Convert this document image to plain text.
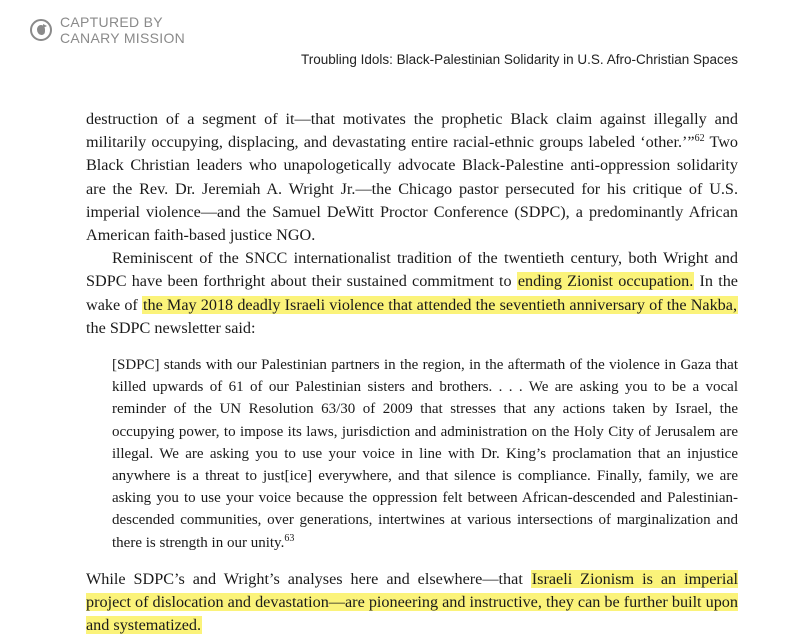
CAPTURED BY
CANARY MISSION
Troubling Idols: Black-Palestinian Solidarity in U.S. Afro-Christian Spaces

destruction of a segment of it—that motivates the prophetic Black claim against illegally and militarily occupying, displacing, and devastating entire racial-ethnic groups labeled ‘other.’”$^{62}$ Two Black Christian leaders who unapologetically advocate Black-Palestine anti-oppression solidarity are the Rev. Dr. Jeremiah A. Wright Jr.—the Chicago pastor persecuted for his critique of U.S. imperial violence—and the Samuel DeWitt Proctor Conference (SDPC), a predominantly African American faith-based justice NGO.

Reminiscent of the SNCC internationalist tradition of the twentieth century, both Wright and SDPC have been forthright about their sustained commitment to ending Zionist occupation. In the wake of the May 2018 deadly Israeli violence that attended the seventieth anniversary of the Nakba, the SDPC newsletter said:

[SDPC] stands with our Palestinian partners in the region, in the aftermath of the violence in Gaza that killed upwards of 61 of our Palestinian sisters and brothers. . . . We are asking you to be a vocal reminder of the UN Resolution 63/30 of 2009 that stresses that any actions taken by Israel, the occupying power, to impose its laws, jurisdiction and administration on the Holy City of Jerusalem are illegal. We are asking you to use your voice in line with Dr. King’s proclamation that an injustice anywhere is a threat to just[ice] everywhere, and that silence is compliance. Finally, family, we are asking you to use your voice because the oppression felt between African-descended and Palestinian-descended communities, over generations, intertwines at various intersections of marginalization and there is strength in our unity.$^{63}$

While SDPC’s and Wright’s analyses here and elsewhere—that Israeli Zionism is an imperial project of dislocation and devastation—are pioneering and instructive, they can be further built upon and systematized.
